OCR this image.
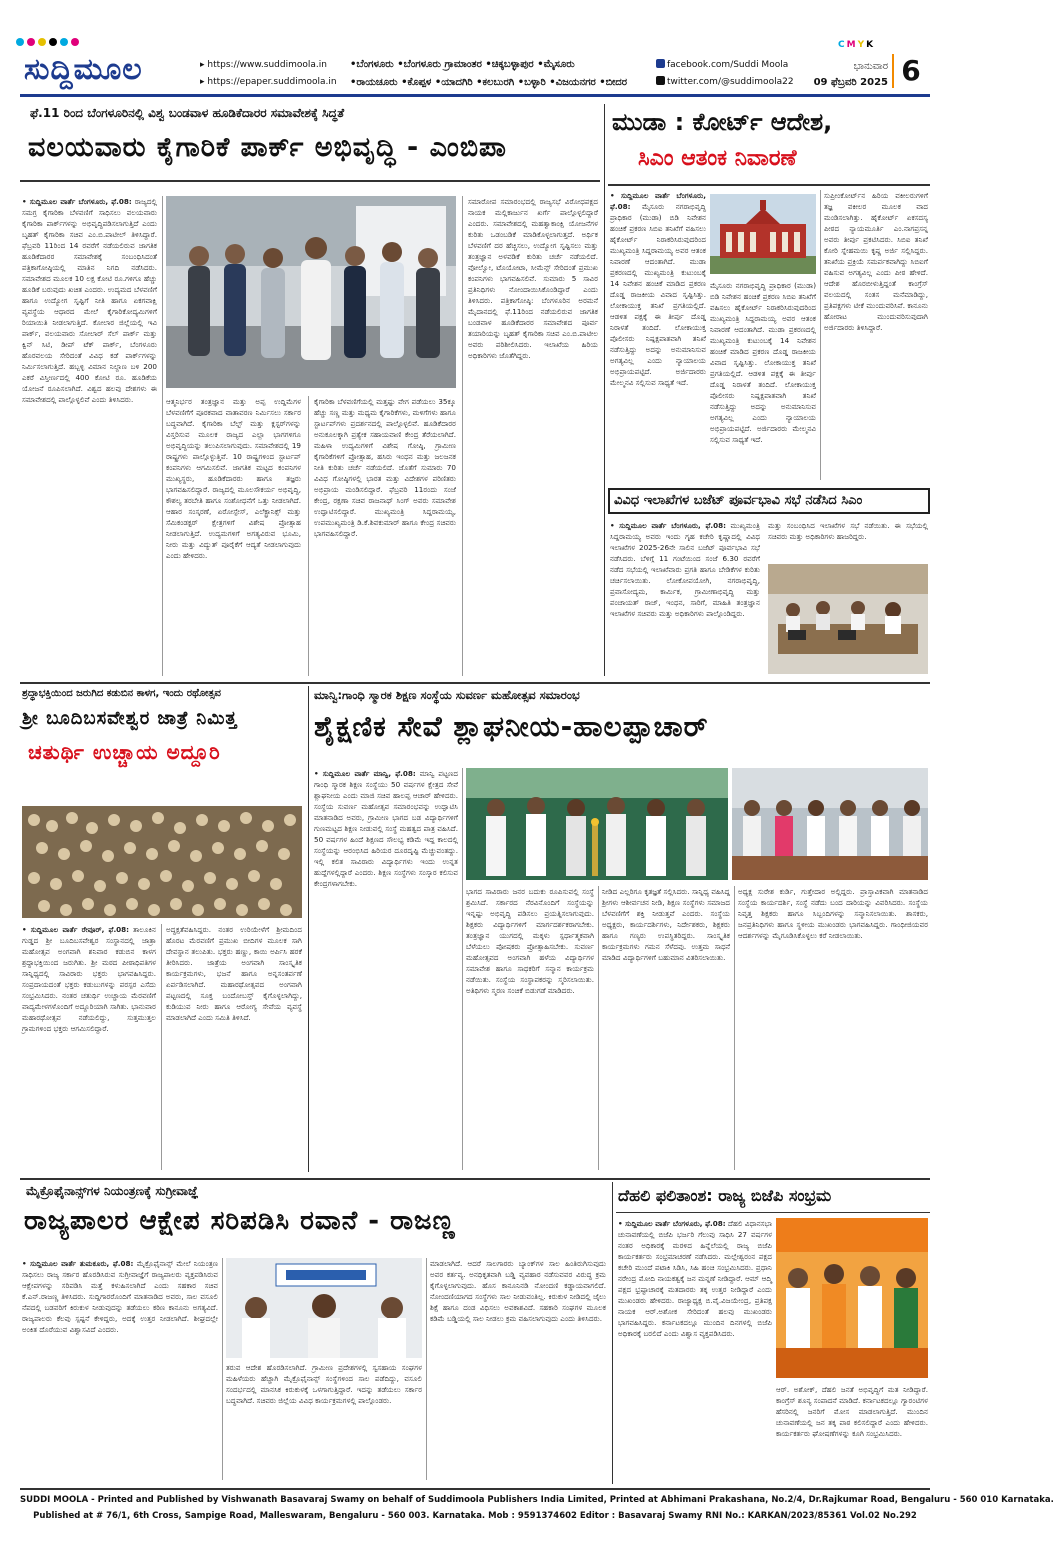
CMYK
ಸುದ್ದಿಮೂಲ	▸ https://www.suddimoola.in
▸ https://epaper.suddimoola.in
•ಬೆಂಗಳೂರು •ಬೆಂಗಳೂರು ಗ್ರಾಮಾಂತರ •ಚಿಕ್ಕಬಳ್ಳಾಪುರ •ಮೈಸೂರು
•ರಾಯಚೂರು •ಕೊಪ್ಪಳ •ಯಾದಗಿರಿ •ಕಲಬುರಗಿ •ಬಳ್ಳಾರಿ •ವಿಜಯನಗರ •ಬೀದರ
facebook.com/Suddi Moola
twitter.com/@suddimoola22
ಭಾನುವಾರ
09 ಫೆಬ್ರವರಿ 2025 6
ಫೆ.11 ರಿಂದ ಬೆಂಗಳೂರಿನಲ್ಲಿ ವಿಶ್ವ ಬಂಡವಾಳ ಹೂಡಿಕೆದಾರರ ಸಮಾವೇಶಕ್ಕೆ ಸಿದ್ಧತೆ
ವಲಯವಾರು ಕೈಗಾರಿಕೆ ಪಾರ್ಕ್ ಅಭಿವೃದ್ಧಿ - ಎಂಬಿಪಾ
• ಸುದ್ದಿಮೂಲ ವಾರ್ತೆ ಬೆಂಗಳೂರು, ಫೆ.08: ರಾಜ್ಯದಲ್ಲಿ ಸಮಗ್ರ ಕೈಗಾರಿಕಾ ಬೆಳವಣಿಗೆ ಸಾಧಿಸಲು ವಲಯವಾರು ಕೈಗಾರಿಕಾ ಪಾರ್ಕ್‌ಗಳನ್ನು ಅಭಿವೃದ್ಧಿಪಡಿಸಲಾಗುತ್ತಿದೆ ಎಂದು ಬೃಹತ್ ಕೈಗಾರಿಕಾ ಸಚಿವ ಎಂ.ಬಿ.ಪಾಟೀಲ್ ತಿಳಿಸಿದ್ದಾರೆ. ಫೆಬ್ರವರಿ 11ರಿಂದ 14 ರವರೆಗೆ ನಡೆಯಲಿರುವ ಜಾಗತಿಕ ಹೂಡಿಕೆದಾರರ ಸಮಾವೇಶಕ್ಕೆ ಸಂಬಂಧಿಸಿದಂತೆ ಪತ್ರಿಕಾಗೋಷ್ಠಿಯಲ್ಲಿ ಮಾತಿನ ನಿಗದಿ ನಡೆಸಿದರು. ಸಮಾವೇಶದ ಮೂಲಕ 10 ಲಕ್ಷ ಕೋಟಿ ರೂ.ಗಳಿಗೂ ಹೆಚ್ಚು ಹೂಡಿಕೆ ಬರುವುದು ಖಚಿತ ಎಂದರು. ಉದ್ಯಮದ ಬೆಳವಣಿಗೆ ಹಾಗೂ ಉದ್ಯೋಗ ಸೃಷ್ಟಿಗೆ ನೀತಿ ಹಾಗೂ ಏಕಗವಾಕ್ಷಿ ವ್ಯವಸ್ಥೆಯ ಆಧಾರದ ಮೇಲೆ ಕೈಗಾರಿಕೋದ್ಯಮಿಗಳಿಗೆ ರಿಯಾಯಿತಿ ನೀಡಲಾಗುತ್ತಿದೆ. ಕೋಲಾರ ಜಿಲ್ಲೆಯಲ್ಲಿ ಇವಿ ಪಾರ್ಕ್, ವಲಯವಾರು ಸೋಲಾರ್ ಸೆಲ್ ಪಾರ್ಕ್ ಮತ್ತು ಕ್ವಿನ್ ಸಿಟಿ, ಡೀಪ್ ಟೆಕ್ ಪಾರ್ಕ್, ಬೆಂಗಳೂರು ಹೊರವಲಯ ಸೇರಿದಂತೆ ವಿವಿಧ ಕಡೆ ಪಾರ್ಕ್‌ಗಳನ್ನು ನಿರ್ಮಿಸಲಾಗುತ್ತಿದೆ. ಹಬ್ಬಳ್ಳಿ ವಿಮಾನ ನಿಲ್ದಾಣ ಬಳಿ 200 ಎಕರೆ ವಿಸ್ತೀರ್ಣದಲ್ಲಿ 400 ಕೋಟಿ ರೂ. ಹೂಡಿಕೆಯ ಯೋಜನೆ ರೂಪಿಸಲಾಗಿದೆ. ವಿಶ್ವದ ಹಲವು ದೇಶಗಳು ಈ ಸಮಾವೇಶದಲ್ಲಿ ಪಾಲ್ಗೊಳ್ಳಲಿವೆ ಎಂದು ತಿಳಿಸಿದರು.	ಆತ್ಮನಿರ್ಭರ ತಂತ್ರಜ್ಞಾನ ಮತ್ತು ಅಪ್ಪ ಉದ್ದಿಮೆಗಳ ಬೆಳವಣಿಗೆಗೆ ಪೂರಕವಾದ ವಾತಾವರಣ ನಿರ್ಮಿಸಲು ಸರ್ಕಾರ ಬದ್ಧವಾಗಿದೆ. ಕೈಗಾರಿಕಾ ಬೆಲ್ಟ್ ಮತ್ತು ಕ್ಲಸ್ಟರ್‌ಗಳನ್ನು ವಿಸ್ತರಿಸುವ ಮೂಲಕ ರಾಜ್ಯದ ಎಲ್ಲಾ ಭಾಗಗಳಿಗೂ ಅಭಿವೃದ್ಧಿಯನ್ನು ತಲುಪಿಸಲಾಗುವುದು. ಸಮಾವೇಶದಲ್ಲಿ 19 ರಾಷ್ಟ್ರಗಳು ಪಾಲ್ಗೊಳ್ಳುತ್ತಿವೆ. 10 ರಾಷ್ಟ್ರಗಳಿಂದ ಸ್ಟಾರ್ಟಪ್ ಕಂಪನಿಗಳು ಆಗಮಿಸಲಿವೆ. ಜಾಗತಿಕ ಮಟ್ಟದ ಕಂಪನಿಗಳ ಮುಖ್ಯಸ್ಥರು, ಹೂಡಿಕೆದಾರರು ಹಾಗೂ ತಜ್ಞರು ಭಾಗವಹಿಸಲಿದ್ದಾರೆ. ರಾಜ್ಯದಲ್ಲಿ ಮೂಲಸೌಕರ್ಯ ಅಭಿವೃದ್ಧಿ, ಕೌಶಲ್ಯ ತರಬೇತಿ ಹಾಗೂ ಸಂಶೋಧನೆಗೆ ಒತ್ತು ನೀಡಲಾಗಿದೆ. ಆಹಾರ ಸಂಸ್ಕರಣೆ, ಏರೋಸ್ಪೇಸ್, ಎಲೆಕ್ಟ್ರಾನಿಕ್ಸ್ ಮತ್ತು ಸೆಮಿಕಂಡಕ್ಟರ್ ಕ್ಷೇತ್ರಗಳಿಗೆ ವಿಶೇಷ ಪ್ರೋತ್ಸಾಹ ನೀಡಲಾಗುತ್ತಿದೆ. ಉದ್ಯಮಗಳಿಗೆ ಅಗತ್ಯವಿರುವ ಭೂಮಿ, ನೀರು ಮತ್ತು ವಿದ್ಯುತ್ ಪೂರೈಕೆಗೆ ಆದ್ಯತೆ ನೀಡಲಾಗುವುದು ಎಂದು ಹೇಳಿದರು.
ಕೈಗಾರಿಕಾ ಬೆಳವಣಿಗೆಯಲ್ಲಿ ಮತ್ತಷ್ಟು ವೇಗ ಪಡೆಯಲು 35ಕ್ಕೂ ಹೆಚ್ಚು ಸಣ್ಣ ಮತ್ತು ಮಧ್ಯಮ ಕೈಗಾರಿಕೆಗಳು, ಮಳಿಗೆಗಳು ಹಾಗೂ ಸ್ಟಾರ್ಟಪ್‌ಗಳು ಪ್ರದರ್ಶನದಲ್ಲಿ ಪಾಲ್ಗೊಳ್ಳಲಿವೆ. ಹೂಡಿಕೆದಾರರ ಅನುಕೂಲಕ್ಕಾಗಿ ಪ್ರತ್ಯೇಕ ಸಹಾಯವಾಣಿ ಕೇಂದ್ರ ತೆರೆಯಲಾಗಿದೆ. ಮಹಿಳಾ ಉದ್ಯಮಿಗಳಿಗೆ ವಿಶೇಷ ಗೋಷ್ಠಿ, ಗ್ರಾಮೀಣ ಕೈಗಾರಿಕೆಗಳಿಗೆ ಪ್ರೋತ್ಸಾಹ, ಹಸಿರು ಇಂಧನ ಮತ್ತು ಜಲಜನಕ ನೀತಿ ಕುರಿತು ಚರ್ಚೆ ನಡೆಯಲಿದೆ. ಜೊತೆಗೆ ಸುಮಾರು 70 ವಿವಿಧ ಗೋಷ್ಠಿಗಳಲ್ಲಿ ಭಾರತ ಮತ್ತು ವಿದೇಶಗಳ ಪರಿಣಿತರು ಅಭಿಪ್ರಾಯ ಮಂಡಿಸಲಿದ್ದಾರೆ. ಫೆಬ್ರವರಿ 11ರಂದು ಸಂಜೆ ಕೇಂದ್ರ, ರಕ್ಷಣಾ ಸಚಿವ ರಾಜನಾಥ್ ಸಿಂಗ್ ಅವರು ಸಮಾವೇಶ ಉದ್ಘಾಟಿಸಲಿದ್ದಾರೆ. ಮುಖ್ಯಮಂತ್ರಿ ಸಿದ್ದರಾಮಯ್ಯ, ಉಪಮುಖ್ಯಮಂತ್ರಿ ಡಿ.ಕೆ.ಶಿವಕುಮಾರ್ ಹಾಗೂ ಕೇಂದ್ರ ಸಚಿವರು ಭಾಗವಹಿಸಲಿದ್ದಾರೆ.
ಸಮಾರೋಪ ಸಮಾರಂಭದಲ್ಲಿ ರಾಜ್ಯಸಭೆ ವಿರೋಧಪಕ್ಷದ ನಾಯಕ ಮಲ್ಲಿಕಾರ್ಜುನ ಖರ್ಗೆ ಪಾಲ್ಗೊಳ್ಳಲಿದ್ದಾರೆ ಎಂದರು. ಸಮಾವೇಶದಲ್ಲಿ ಮಹತ್ವಾಕಾಂಕ್ಷಿ ಯೋಜನೆಗಳ ಕುರಿತು ಒಡಂಬಡಿಕೆ ಮಾಡಿಕೊಳ್ಳಲಾಗುತ್ತದೆ. ಅರ್ಥಿಕ ಬೆಳವಣಿಗೆ ದರ ಹೆಚ್ಚಿಸಲು, ಉದ್ಯೋಗ ಸೃಷ್ಟಿಸಲು ಮತ್ತು ತಂತ್ರಜ್ಞಾನ ಅಳವಡಿಕೆ ಕುರಿತು ಚರ್ಚೆ ನಡೆಯಲಿದೆ. ವೋಲ್ವೋ, ಟೊಯೋಟಾ, ಸೀಮೆನ್ಸ್ ಸೇರಿದಂತೆ ಪ್ರಮುಖ ಕಂಪನಿಗಳು ಭಾಗವಹಿಸಲಿವೆ. ಸುಮಾರು 5 ಸಾವಿರ ಪ್ರತಿನಿಧಿಗಳು ನೋಂದಾಯಿಸಿಕೊಂಡಿದ್ದಾರೆ ಎಂದು ತಿಳಿಸಿದರು. ಪತ್ರಿಕಾಗೋಷ್ಠಿ: ಬೆಂಗಳೂರಿನ ಅರಮನೆ ಮೈದಾನದಲ್ಲಿ ಫೆ.11ರಿಂದ ನಡೆಯಲಿರುವ ಜಾಗತಿಕ ಬಂಡವಾಳ ಹೂಡಿಕೆದಾರರ ಸಮಾವೇಶದ ಪೂರ್ವ ತಯಾರಿಯನ್ನು ಬೃಹತ್ ಕೈಗಾರಿಕಾ ಸಚಿವ ಎಂ.ಬಿ.ಪಾಟೀಲ ಅವರು ಪರಿಶೀಲಿಸಿದರು. ಇಲಾಖೆಯ ಹಿರಿಯ ಅಧಿಕಾರಿಗಳು ಜೊತೆಗಿದ್ದರು.
ಮುಡಾ : ಕೋರ್ಟ್ ಆದೇಶ,
ಸಿಎಂ ಆತಂಕ ನಿವಾರಣೆ
• ಸುದ್ದಿಮೂಲ ವಾರ್ತೆ ಬೆಂಗಳೂರು, ಫೆ.08: ಮೈಸೂರು ನಗರಾಭಿವೃದ್ಧಿ ಪ್ರಾಧಿಕಾರ (ಮುಡಾ) ಬಿಡಿ ನಿವೇಶನ ಹಂಚಿಕೆ ಪ್ರಕರಣ ಸಿಬಿಐ ತನಿಖೆಗೆ ವಹಿಸಲು ಹೈಕೋರ್ಟ್ ನಿರಾಕರಿಸಿರುವುದರಿಂದ ಮುಖ್ಯಮಂತ್ರಿ ಸಿದ್ದರಾಮಯ್ಯ ಅವರ ಆತಂಕ ನಿವಾರಣೆ ಆದಂತಾಗಿದೆ. ಮುಡಾ ಪ್ರಕರಣದಲ್ಲಿ ಮುಖ್ಯಮಂತ್ರಿ ಕುಟುಂಬಕ್ಕೆ 14 ನಿವೇಶನ ಹಂಚಿಕೆ ಮಾಡಿದ ಪ್ರಕರಣ ದೊಡ್ಡ ರಾಜಕೀಯ ವಿವಾದ ಸೃಷ್ಟಿಸಿತ್ತು. ಲೋಕಾಯುಕ್ತ ತನಿಖೆ ಪ್ರಗತಿಯಲ್ಲಿದೆ. ಆಡಳಿತ ಪಕ್ಷಕ್ಕೆ ಈ ತೀರ್ಪು ದೊಡ್ಡ ನಿರಾಳತೆ ತಂದಿದೆ. ಲೋಕಾಯುಕ್ತ ಪೊಲೀಸರು ನಿಷ್ಪಕ್ಷಪಾತವಾಗಿ ತನಿಖೆ ನಡೆಸುತ್ತಿದ್ದು ಅದನ್ನು ಅನುಮಾನಿಸುವ ಅಗತ್ಯವಿಲ್ಲ ಎಂದು ನ್ಯಾಯಾಲಯ ಅಭಿಪ್ರಾಯಪಟ್ಟಿದೆ. ಅರ್ಜಿದಾರರು ಮೇಲ್ಮನವಿ ಸಲ್ಲಿಸುವ ಸಾಧ್ಯತೆ ಇದೆ.
ಮೈಸೂರು ನಗರಾಭಿವೃದ್ಧಿ ಪ್ರಾಧಿಕಾರ (ಮುಡಾ) ಬಿಡಿ ನಿವೇಶನ ಹಂಚಿಕೆ ಪ್ರಕರಣ ಸಿಬಿಐ ತನಿಖೆಗೆ ವಹಿಸಲು ಹೈಕೋರ್ಟ್ ನಿರಾಕರಿಸಿರುವುದರಿಂದ ಮುಖ್ಯಮಂತ್ರಿ ಸಿದ್ದರಾಮಯ್ಯ ಅವರ ಆತಂಕ ನಿವಾರಣೆ ಆದಂತಾಗಿದೆ. ಮುಡಾ ಪ್ರಕರಣದಲ್ಲಿ ಮುಖ್ಯಮಂತ್ರಿ ಕುಟುಂಬಕ್ಕೆ 14 ನಿವೇಶನ ಹಂಚಿಕೆ ಮಾಡಿದ ಪ್ರಕರಣ ದೊಡ್ಡ ರಾಜಕೀಯ ವಿವಾದ ಸೃಷ್ಟಿಸಿತ್ತು. ಲೋಕಾಯುಕ್ತ ತನಿಖೆ ಪ್ರಗತಿಯಲ್ಲಿದೆ. ಆಡಳಿತ ಪಕ್ಷಕ್ಕೆ ಈ ತೀರ್ಪು ದೊಡ್ಡ ನಿರಾಳತೆ ತಂದಿದೆ. ಲೋಕಾಯುಕ್ತ ಪೊಲೀಸರು ನಿಷ್ಪಕ್ಷಪಾತವಾಗಿ ತನಿಖೆ ನಡೆಸುತ್ತಿದ್ದು ಅದನ್ನು ಅನುಮಾನಿಸುವ ಅಗತ್ಯವಿಲ್ಲ ಎಂದು ನ್ಯಾಯಾಲಯ ಅಭಿಪ್ರಾಯಪಟ್ಟಿದೆ. ಅರ್ಜಿದಾರರು ಮೇಲ್ಮನವಿ ಸಲ್ಲಿಸುವ ಸಾಧ್ಯತೆ ಇದೆ.
ಸುಪ್ರೀಂಕೋರ್ಟ್‌ನ ಹಿರಿಯ ವಕೀಲರುಗಳಿಗೆ ತಜ್ಞ ವಕೀಲರ ಮೂಲಕ ವಾದ ಮಂಡಿಸಲಾಗಿತ್ತು. ಹೈಕೋರ್ಟ್ ಏಕಸದಸ್ಯ ಪೀಠದ ನ್ಯಾಯಮೂರ್ತಿ ಎಂ.ನಾಗಪ್ರಸನ್ನ ಅವರು ತೀರ್ಪು ಪ್ರಕಟಿಸಿದರು. ಸಿಬಿಐ ತನಿಖೆ ಕೋರಿ ಸ್ನೇಹಮಯಿ ಕೃಷ್ಣ ಅರ್ಜಿ ಸಲ್ಲಿಸಿದ್ದರು. ತನಿಖೆಯ ಪ್ರಕ್ರಿಯೆ ಸಮರ್ಪಕವಾಗಿದ್ದು ಸಿಬಿಐಗೆ ವಹಿಸುವ ಅಗತ್ಯವಿಲ್ಲ ಎಂದು ಪೀಠ ಹೇಳಿದೆ. ಆದೇಶ ಹೊರಬೀಳುತ್ತಿದ್ದಂತೆ ಕಾಂಗ್ರೆಸ್ ವಲಯದಲ್ಲಿ ಸಂತಸ ಮನೆಮಾಡಿದ್ದು, ಪ್ರತಿಪಕ್ಷಗಳು ಟೀಕೆ ಮುಂದುವರಿಸಿವೆ. ಕಾನೂನು ಹೋರಾಟ ಮುಂದುವರಿಸುವುದಾಗಿ ಅರ್ಜಿದಾರರು ತಿಳಿಸಿದ್ದಾರೆ.
ವಿವಿಧ ಇಲಾಖೆಗಳ ಬಜೆಟ್ ಪೂರ್ವಭಾವಿ ಸಭೆ ನಡೆಸಿದ ಸಿಎಂ
• ಸುದ್ದಿಮೂಲ ವಾರ್ತೆ ಬೆಂಗಳೂರು, ಫೆ.08: ಮುಖ್ಯಮಂತ್ರಿ ಸಿದ್ದರಾಮಯ್ಯ ಅವರು ಇಂದು ಗೃಹ ಕಚೇರಿ ಕೃಷ್ಣಾದಲ್ಲಿ ವಿವಿಧ ಇಲಾಖೆಗಳ 2025-26ನೇ ಸಾಲಿನ ಬಜೆಟ್ ಪೂರ್ವಭಾವಿ ಸಭೆ ನಡೆಸಿದರು. ಬೆಳಿಗ್ಗೆ 11 ಗಂಟೆಯಿಂದ ಸಂಜೆ 6.30 ರವರೆಗೆ ನಡೆದ ಸಭೆಯಲ್ಲಿ ಇಲಾಖೆವಾರು ಪ್ರಗತಿ ಹಾಗೂ ಬೇಡಿಕೆಗಳ ಕುರಿತು ಚರ್ಚಿಸಲಾಯಿತು. ಲೋಕೋಪಯೋಗಿ, ನಗರಾಭಿವೃದ್ಧಿ, ಪ್ರವಾಸೋದ್ಯಮ, ಕಾರ್ಮಿಕ, ಗ್ರಾಮೀಣಾಭಿವೃದ್ಧಿ ಮತ್ತು ಪಂಚಾಯತ್ ರಾಜ್, ಇಂಧನ, ಸಾರಿಗೆ, ಮಾಹಿತಿ ತಂತ್ರಜ್ಞಾನ ಇಲಾಖೆಗಳ ಸಚಿವರು ಮತ್ತು ಅಧಿಕಾರಿಗಳು ಪಾಲ್ಗೊಂಡಿದ್ದರು.
ಮತ್ತು ಸಂಬಂಧಿಸಿದ ಇಲಾಖೆಗಳ ಸಭೆ ನಡೆಯಿತು. ಈ ಸಭೆಯಲ್ಲಿ ಸಚಿವರು ಮತ್ತು ಅಧಿಕಾರಿಗಳು ಹಾಜರಿದ್ದರು.
ಶ್ರದ್ಧಾಭಕ್ತಿಯಿಂದ ಜರುಗಿದ ಕಡುಬಿನ ಕಾಳಗ, ಇಂದು ರಥೋತ್ಸವ
ಶ್ರೀ ಬೂದಿಬಸವೇಶ್ವರ ಜಾತ್ರೆ ನಿಮಿತ್ತ
ಚತುರ್ಥಿ ಉಚ್ಚಾಯ ಅದ್ದೂರಿ
• ಸುದ್ದಿಮೂಲ ವಾರ್ತೆ ರೇವೂರ್, ಫೆ.08: ತಾಲೂಕಿನ ಗುಡ್ಡದ ಶ್ರೀ ಬೂದಿಬಸವೇಶ್ವರ ಸಂಸ್ಥಾನದಲ್ಲಿ ಜಾತ್ರಾ ಮಹೋತ್ಸವ ಅಂಗವಾಗಿ ಶನಿವಾರ ಕಡುಬಿನ ಕಾಳಗ ಶ್ರದ್ಧಾಭಕ್ತಿಯಿಂದ ಜರುಗಿತು. ಶ್ರೀ ಮಠದ ಪೀಠಾಧಿಪತಿಗಳ ಸಾನ್ನಿಧ್ಯದಲ್ಲಿ ಸಾವಿರಾರು ಭಕ್ತರು ಭಾಗವಹಿಸಿದ್ದರು. ಸಂಪ್ರದಾಯದಂತೆ ಭಕ್ತರು ಕಡುಬುಗಳನ್ನು ಪರಸ್ಪರ ಎಸೆದು ಸಂಭ್ರಮಿಸಿದರು. ನಂತರ ಚತುರ್ಥಿ ಉಚ್ಚಾಯ ಮೆರವಣಿಗೆ ವಾದ್ಯಮೇಳಗಳೊಂದಿಗೆ ಅದ್ದೂರಿಯಾಗಿ ಸಾಗಿತು. ಭಾನುವಾರ ಮಹಾರಥೋತ್ಸವ ನಡೆಯಲಿದ್ದು, ಸುತ್ತಮುತ್ತಲ ಗ್ರಾಮಗಳಿಂದ ಭಕ್ತರು ಆಗಮಿಸಲಿದ್ದಾರೆ.
ಅದ್ಧಕ್ಷತೆವಹಿಸಿದ್ದರು. ನಂತರ ಉರಿಯೇಳೆಗೆ ಶ್ರೀಮದಿಂದ ಹೊರಟ ಮೆರವಣಿಗೆ ಪ್ರಮುಖ ಬೀದಿಗಳ ಮೂಲಕ ಸಾಗಿ ದೇವಸ್ಥಾನ ತಲುಪಿತು. ಭಕ್ತರು ಹಣ್ಣು, ಕಾಯಿ ಅರ್ಪಿಸಿ ಹರಕೆ ತೀರಿಸಿದರು. ಜಾತ್ರೆಯ ಅಂಗವಾಗಿ ಸಾಂಸ್ಕೃತಿಕ ಕಾರ್ಯಕ್ರಮಗಳು, ಭಜನೆ ಹಾಗೂ ಅನ್ನಸಂತರ್ಪಣೆ ಏರ್ಪಡಿಸಲಾಗಿದೆ. ಮಹಾರಥೋತ್ಸವದ ಅಂಗವಾಗಿ ಪಟ್ಟಣದಲ್ಲಿ ಸೂಕ್ತ ಬಂದೋಬಸ್ತ್ ಕೈಗೊಳ್ಳಲಾಗಿದ್ದು, ಕುಡಿಯುವ ನೀರು ಹಾಗೂ ಆರೋಗ್ಯ ಸೇವೆಯ ವ್ಯವಸ್ಥೆ ಮಾಡಲಾಗಿದೆ ಎಂದು ಸಮಿತಿ ತಿಳಿಸಿದೆ.
ಮಾನ್ವಿ:ಗಾಂಧಿ ಸ್ಮಾರಕ ಶಿಕ್ಷಣ ಸಂಸ್ಥೆಯ ಸುವರ್ಣ ಮಹೋತ್ಸವ ಸಮಾರಂಭ
ಶೈಕ್ಷಣಿಕ ಸೇವೆ ಶ್ಲಾಘನೀಯ-ಹಾಲಪ್ಪಾಚಾರ್
• ಸುದ್ದಿಮೂಲ ವಾರ್ತೆ ಮಾನ್ವಿ, ಫೆ.08: ಮಾನ್ವಿ ಪಟ್ಟಣದ ಗಾಂಧಿ ಸ್ಮಾರಕ ಶಿಕ್ಷಣ ಸಂಸ್ಥೆಯು 50 ವರ್ಷಗಳ ಕ್ಷೇತ್ರದ ಸೇವೆ ಶ್ಲಾಘನೀಯ ಎಂದು ಮಾಜಿ ಸಚಿವ ಹಾಲಪ್ಪ ಆಚಾರ್ ಹೇಳಿದರು. ಸಂಸ್ಥೆಯ ಸುವರ್ಣ ಮಹೋತ್ಸವ ಸಮಾರಂಭವನ್ನು ಉದ್ಘಾಟಿಸಿ ಮಾತನಾಡಿದ ಅವರು, ಗ್ರಾಮೀಣ ಭಾಗದ ಬಡ ವಿದ್ಯಾರ್ಥಿಗಳಿಗೆ ಗುಣಮಟ್ಟದ ಶಿಕ್ಷಣ ನೀಡುವಲ್ಲಿ ಸಂಸ್ಥೆ ಮಹತ್ವದ ಪಾತ್ರ ವಹಿಸಿದೆ. 50 ವರ್ಷಗಳ ಹಿಂದೆ ಶಿಕ್ಷಣದ ಸೌಲಭ್ಯ ಕಡಿಮೆ ಇದ್ದ ಕಾಲದಲ್ಲಿ ಸಂಸ್ಥೆಯನ್ನು ಆರಂಭಿಸಿದ ಹಿರಿಯರ ದೂರದೃಷ್ಟಿ ಮೆಚ್ಚುವಂತದ್ದು. ಇಲ್ಲಿ ಕಲಿತ ಸಾವಿರಾರು ವಿದ್ಯಾರ್ಥಿಗಳು ಇಂದು ಉನ್ನತ ಹುದ್ದೆಗಳಲ್ಲಿದ್ದಾರೆ ಎಂದರು. ಶಿಕ್ಷಣ ಸಂಸ್ಥೆಗಳು ಸಂಸ್ಕಾರ ಕಲಿಸುವ ಕೇಂದ್ರಗಳಾಗಬೇಕು.
ಭಾಗದ ಸಾವಿರಾರು ಜನರ ಬದುಕು ರೂಪಿಸುವಲ್ಲಿ ಸಂಸ್ಥೆ ಶ್ರಮಿಸಿದೆ. ಸರ್ಕಾರದ ನೆರವಿನೊಂದಿಗೆ ಸಂಸ್ಥೆಯನ್ನು ಇನ್ನಷ್ಟು ಅಭಿವೃದ್ಧಿ ಪಡಿಸಲು ಪ್ರಯತ್ನಿಸಲಾಗುವುದು. ಶಿಕ್ಷಕರು ವಿದ್ಯಾರ್ಥಿಗಳಿಗೆ ಮಾರ್ಗದರ್ಶಕರಾಗಬೇಕು. ತಂತ್ರಜ್ಞಾನ ಯುಗದಲ್ಲಿ ಮಕ್ಕಳು ಸ್ಪರ್ಧಾತ್ಮಕವಾಗಿ ಬೆಳೆಯಲು ಪೋಷಕರು ಪ್ರೋತ್ಸಾಹಿಸಬೇಕು. ಸುವರ್ಣ ಮಹೋತ್ಸವದ ಅಂಗವಾಗಿ ಹಳೆಯ ವಿದ್ಯಾರ್ಥಿಗಳ ಸಮಾವೇಶ ಹಾಗೂ ಸಾಧಕರಿಗೆ ಸನ್ಮಾನ ಕಾರ್ಯಕ್ರಮ ನಡೆಯಿತು. ಸಂಸ್ಥೆಯ ಸಂಸ್ಥಾಪಕರನ್ನು ಸ್ಮರಿಸಲಾಯಿತು. ಅತಿಥಿಗಳು ಸ್ಮರಣ ಸಂಚಿಕೆ ಬಿಡುಗಡೆ ಮಾಡಿದರು.
ನೀಡಿದ ಎಲ್ಲರಿಗೂ ಕೃತಜ್ಞತೆ ಸಲ್ಲಿಸಿದರು. ಸಾನ್ನಿಧ್ಯ ವಹಿಸಿದ್ದ ಶ್ರೀಗಳು ಆಶೀರ್ವಚನ ನೀಡಿ, ಶಿಕ್ಷಣ ಸಂಸ್ಥೆಗಳು ಸಮಾಜದ ಬೆಳವಣಿಗೆಗೆ ಶಕ್ತಿ ನೀಡುತ್ತವೆ ಎಂದರು. ಸಂಸ್ಥೆಯ ಅಧ್ಯಕ್ಷರು, ಕಾರ್ಯದರ್ಶಿಗಳು, ನಿರ್ದೇಶಕರು, ಶಿಕ್ಷಕರು ಹಾಗೂ ಗಣ್ಯರು ಉಪಸ್ಥಿತರಿದ್ದರು. ಸಾಂಸ್ಕೃತಿಕ ಕಾರ್ಯಕ್ರಮಗಳು ಗಮನ ಸೆಳೆದವು. ಉತ್ತಮ ಸಾಧನೆ ಮಾಡಿದ ವಿದ್ಯಾರ್ಥಿಗಳಿಗೆ ಬಹುಮಾನ ವಿತರಿಸಲಾಯಿತು.
ಅಧ್ಯಕ್ಷ ಸುರೇಶ ಕುರ್ಡಿ, ಗುತ್ತೇದಾರ ಅಲ್ಲಿದ್ದರು. ಪ್ರಾಸ್ತಾವಿಕವಾಗಿ ಮಾತನಾಡಿದ ಸಂಸ್ಥೆಯ ಕಾರ್ಯದರ್ಶಿ, ಸಂಸ್ಥೆ ನಡೆದು ಬಂದ ದಾರಿಯನ್ನು ವಿವರಿಸಿದರು. ಸಂಸ್ಥೆಯ ನಿವೃತ್ತ ಶಿಕ್ಷಕರು ಹಾಗೂ ಸಿಬ್ಬಂದಿಗಳನ್ನು ಸನ್ಮಾನಿಸಲಾಯಿತು. ಶಾಸಕರು, ಜನಪ್ರತಿನಿಧಿಗಳು ಹಾಗೂ ಸ್ಥಳೀಯ ಮುಖಂಡರು ಭಾಗವಹಿಸಿದ್ದರು. ಗಾಂಧೀಜಿಯವರ ಆದರ್ಶಗಳನ್ನು ಮೈಗೂಡಿಸಿಕೊಳ್ಳಲು ಕರೆ ನೀಡಲಾಯಿತು.
ಮೈಕ್ರೊಫೈನಾನ್ಸ್‌ಗಳ ನಿಯಂತ್ರಣಕ್ಕೆ ಸುಗ್ರೀವಾಜ್ಞೆ
ರಾಜ್ಯಪಾಲರ ಆಕ್ಷೇಪ ಸರಿಪಡಿಸಿ ರವಾನೆ - ರಾಜಣ್ಣ
• ಸುದ್ದಿಮೂಲ ವಾರ್ತೆ ತುಮಕೂರು, ಫೆ.08: ಮೈಕ್ರೊಫೈನಾನ್ಸ್ ಮೇಲೆ ನಿಯಂತ್ರಣ ಸಾಧಿಸಲು ರಾಜ್ಯ ಸರ್ಕಾರ ಹೊರಡಿಸಿರುವ ಸುಗ್ರೀವಾಜ್ಞೆಗೆ ರಾಜ್ಯಪಾಲರು ವ್ಯಕ್ತಪಡಿಸಿರುವ ಆಕ್ಷೇಪಗಳನ್ನು ಸರಿಪಡಿಸಿ ಮತ್ತೆ ಕಳುಹಿಸಲಾಗಿದೆ ಎಂದು ಸಹಕಾರ ಸಚಿವ ಕೆ.ಎನ್.ರಾಜಣ್ಣ ತಿಳಿಸಿದರು. ಸುದ್ದಿಗಾರರೊಂದಿಗೆ ಮಾತನಾಡಿದ ಅವರು, ಸಾಲ ವಸೂಲಿ ನೆಪದಲ್ಲಿ ಬಡವರಿಗೆ ಕಿರುಕುಳ ನೀಡುವುದನ್ನು ತಡೆಯಲು ಕಠಿಣ ಕಾನೂನು ಅಗತ್ಯವಿದೆ. ರಾಜ್ಯಪಾಲರು ಕೆಲವು ಸ್ಪಷ್ಟನೆ ಕೇಳಿದ್ದರು, ಅದಕ್ಕೆ ಉತ್ತರ ನೀಡಲಾಗಿದೆ. ಶೀಘ್ರದಲ್ಲೇ ಅಂಕಿತ ದೊರೆಯುವ ವಿಶ್ವಾಸವಿದೆ ಎಂದರು.
ತರುವ ಆದೇಶ ಹೊರಡಿಸಲಾಗಿದೆ. ಗ್ರಾಮೀಣ ಪ್ರದೇಶಗಳಲ್ಲಿ ಸ್ವಸಹಾಯ ಸಂಘಗಳ ಮಹಿಳೆಯರು ಹೆಚ್ಚಾಗಿ ಮೈಕ್ರೊಫೈನಾನ್ಸ್ ಸಂಸ್ಥೆಗಳಿಂದ ಸಾಲ ಪಡೆದಿದ್ದು, ವಸೂಲಿ ಸಂದರ್ಭದಲ್ಲಿ ಮಾನಸಿಕ ಕಿರುಕುಳಕ್ಕೆ ಒಳಗಾಗುತ್ತಿದ್ದಾರೆ. ಇದನ್ನು ತಡೆಯಲು ಸರ್ಕಾರ ಬದ್ಧವಾಗಿದೆ. ಸಚಿವರು ಜಿಲ್ಲೆಯ ವಿವಿಧ ಕಾರ್ಯಕ್ರಮಗಳಲ್ಲಿ ಪಾಲ್ಗೊಂಡರು.
ಮಾಡಲಾಗಿದೆ. ಆದರೆ ಸಾಲಗಾರರು ಬ್ಯಾಂಕ್‌ಗಳ ಸಾಲ ಹಿಂತಿರುಗಿಸುವುದು ಅವರ ಕರ್ತವ್ಯ. ಅನಧಿಕೃತವಾಗಿ ಬಡ್ಡಿ ವ್ಯವಹಾರ ನಡೆಸುವವರ ವಿರುದ್ಧ ಕ್ರಮ ಕೈಗೊಳ್ಳಲಾಗುವುದು. ಹೊಸ ಕಾನೂನಿನಡಿ ನೋಂದಣಿ ಕಡ್ಡಾಯವಾಗಲಿದೆ. ನೋಂದಣಿಯಾಗದ ಸಂಸ್ಥೆಗಳು ಸಾಲ ನೀಡುವಂತಿಲ್ಲ. ಕಿರುಕುಳ ನೀಡಿದಲ್ಲಿ ಜೈಲು ಶಿಕ್ಷೆ ಹಾಗೂ ದಂಡ ವಿಧಿಸಲು ಅವಕಾಶವಿದೆ. ಸಹಕಾರಿ ಸಂಘಗಳ ಮೂಲಕ ಕಡಿಮೆ ಬಡ್ಡಿಯಲ್ಲಿ ಸಾಲ ನೀಡಲು ಕ್ರಮ ವಹಿಸಲಾಗುವುದು ಎಂದು ತಿಳಿಸಿದರು.
ದೆಹಲಿ ಫಲಿತಾಂಶ: ರಾಜ್ಯ ಬಿಜೆಪಿ ಸಂಭ್ರಮ
• ಸುದ್ದಿಮೂಲ ವಾರ್ತೆ ಬೆಂಗಳೂರು, ಫೆ.08: ದೆಹಲಿ ವಿಧಾನಸಭಾ ಚುನಾವಣೆಯಲ್ಲಿ ಬಿಜೆಪಿ ಭರ್ಜರಿ ಗೆಲುವು ಸಾಧಿಸಿ 27 ವರ್ಷಗಳ ನಂತರ ಅಧಿಕಾರಕ್ಕೆ ಮರಳಿದ ಹಿನ್ನೆಲೆಯಲ್ಲಿ ರಾಜ್ಯ ಬಿಜೆಪಿ ಕಾರ್ಯಕರ್ತರು ಸಂಭ್ರಮಾಚರಣೆ ನಡೆಸಿದರು. ಮಲ್ಲೇಶ್ವರಂನ ಪಕ್ಷದ ಕಚೇರಿ ಮುಂದೆ ಪಟಾಕಿ ಸಿಡಿಸಿ, ಸಿಹಿ ಹಂಚಿ ಸಂಭ್ರಮಿಸಿದರು. ಪ್ರಧಾನಿ ನರೇಂದ್ರ ಮೋದಿ ನಾಯಕತ್ವಕ್ಕೆ ಜನ ಮನ್ನಣೆ ನೀಡಿದ್ದಾರೆ. ಆಮ್ ಆದ್ಮಿ ಪಕ್ಷದ ಭ್ರಷ್ಟಾಚಾರಕ್ಕೆ ಮತದಾರರು ತಕ್ಕ ಉತ್ತರ ನೀಡಿದ್ದಾರೆ ಎಂದು ಮುಖಂಡರು ಹೇಳಿದರು. ರಾಜ್ಯಾಧ್ಯಕ್ಷ ಬಿ.ವೈ.ವಿಜಯೇಂದ್ರ, ಪ್ರತಿಪಕ್ಷ ನಾಯಕ ಆರ್.ಅಶೋಕ ಸೇರಿದಂತೆ ಹಲವು ಮುಖಂಡರು ಭಾಗವಹಿಸಿದ್ದರು. ಕರ್ನಾಟಕದಲ್ಲೂ ಮುಂದಿನ ದಿನಗಳಲ್ಲಿ ಬಿಜೆಪಿ ಅಧಿಕಾರಕ್ಕೆ ಬರಲಿದೆ ಎಂದು ವಿಶ್ವಾಸ ವ್ಯಕ್ತಪಡಿಸಿದರು.
ಆರ್. ಅಶೋಕ್, ದೆಹಲಿ ಜನತೆ ಅಭಿವೃದ್ಧಿಗೆ ಮತ ನೀಡಿದ್ದಾರೆ. ಕಾಂಗ್ರೆಸ್ ಶೂನ್ಯ ಸಂಪಾದನೆ ಮಾಡಿದೆ. ಕರ್ನಾಟಕದಲ್ಲೂ ಗ್ಯಾರಂಟಿಗಳ ಹೆಸರಿನಲ್ಲಿ ಜನರಿಗೆ ಮೋಸ ಮಾಡಲಾಗುತ್ತಿದೆ. ಮುಂದಿನ ಚುನಾವಣೆಯಲ್ಲಿ ಜನ ತಕ್ಕ ಪಾಠ ಕಲಿಸಲಿದ್ದಾರೆ ಎಂದು ಹೇಳಿದರು. ಕಾರ್ಯಕರ್ತರು ಘೋಷಣೆಗಳನ್ನು ಕೂಗಿ ಸಂಭ್ರಮಿಸಿದರು.
SUDDI MOOLA - Printed and Published by Vishwanath Basavaraj Swamy on behalf of Suddimoola Publishers India Limited, Printed at Abhimani Prakashana, No.2/4, Dr.Rajkumar Road, Bengaluru - 560 010 Karnataka.
Published at # 76/1, 6th Cross, Sampige Road, Malleswaram, Bengaluru - 560 003. Karnataka. Mob : 9591374602 Editor : Basavaraj Swamy RNI No.: KARKAN/2023/85361 Vol.02 No.292
